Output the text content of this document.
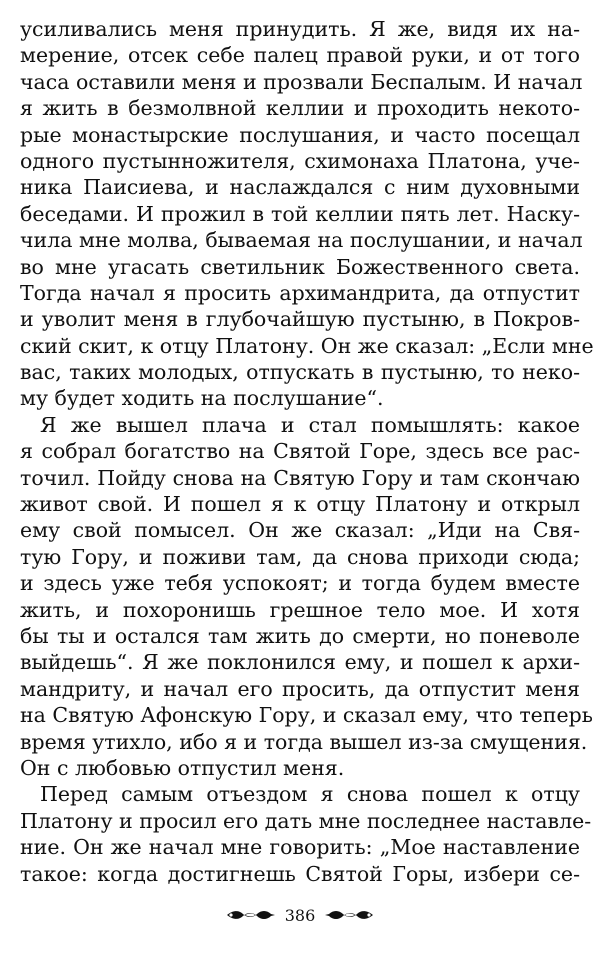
усиливались меня принудить. Я же, видя их на-
мерение, отсек себе палец правой руки, и от того
часа оставили меня и прозвали Беспалым. И начал
я жить в безмолвной келлии и проходить некото-
рые монастырские послушания, и часто посещал
одного пустынножителя, схимонаха Платона, уче-
ника Паисиева, и наслаждался с ним духовными
беседами. И прожил в той келлии пять лет. Наску-
чила мне молва, бываемая на послушании, и начал
во мне угасать светильник Божественного света.
Тогда начал я просить архимандрита, да отпустит
и уволит меня в глубочайшую пустыню, в Покров-
ский скит, к отцу Платону. Он же сказал: „Если мне
вас, таких молодых, отпускать в пустыню, то неко-
му будет ходить на послушание“.
Я же вышел плача и стал помышлять: какое
я собрал богатство на Святой Горе, здесь все рас-
точил. Пойду снова на Святую Гору и там скончаю
живот свой. И пошел я к отцу Платону и открыл
ему свой помысел. Он же сказал: „Иди на Свя-
тую Гору, и поживи там, да снова приходи сюда;
и здесь уже тебя успокоят; и тогда будем вместе
жить, и похоронишь грешное тело мое. И хотя
бы ты и остался там жить до смерти, но поневоле
выйдешь“. Я же поклонился ему, и пошел к архи-
мандриту, и начал его просить, да отпустит меня
на Святую Афонскую Гору, и сказал ему, что теперь
время утихло, ибо я и тогда вышел из-за смущения.
Он с любовью отпустил меня.
Перед самым отъездом я снова пошел к отцу
Платону и просил его дать мне последнее наставле-
ние. Он же начал мне говорить: „Мое наставление
такое: когда достигнешь Святой Горы, избери се-
386
